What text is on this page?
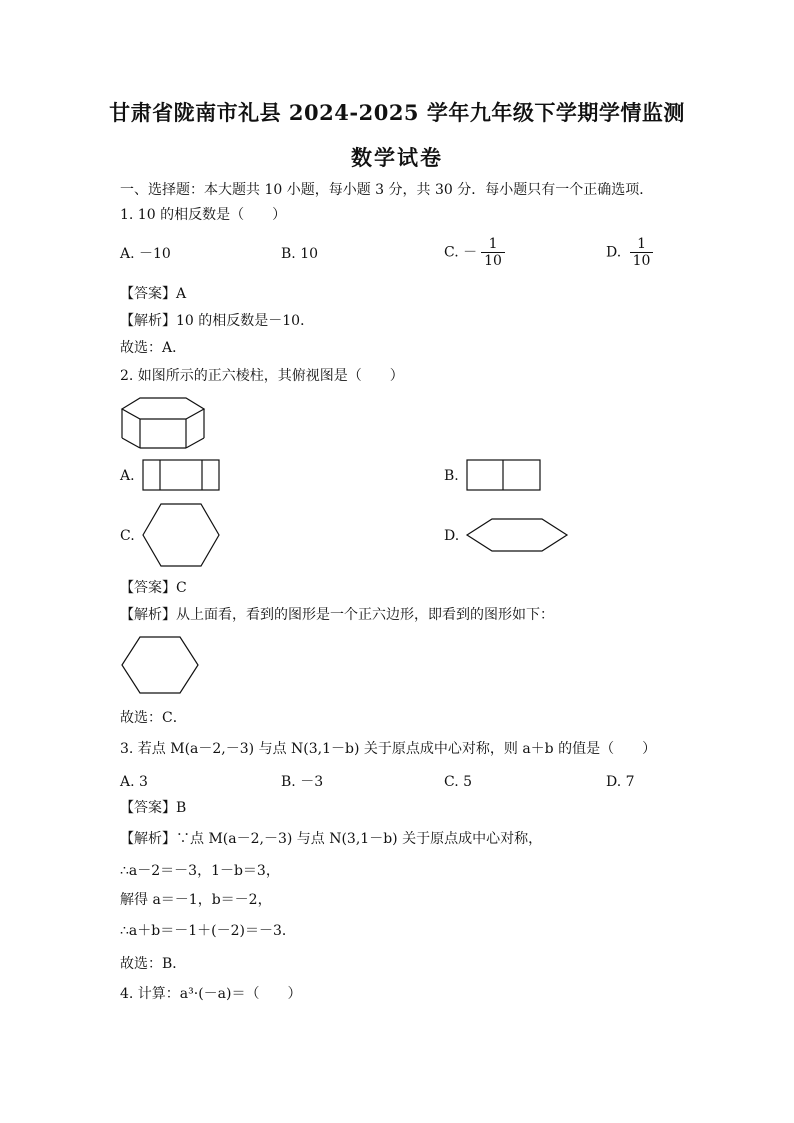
甘肃省陇南市礼县 2024-2025 学年九年级下学期学情监测
数学试卷
一、选择题：本大题共 10 小题，每小题 3 分，共 30 分．每小题只有一个正确选项．
1. 10 的相反数是（　　）
A. －10	B. 10	C. － $\frac{1}{10}$	D. $\frac{1}{10}$
【答案】A
【解析】10 的相反数是－10．
故选：A．
2. 如图所示的正六棱柱，其俯视图是（　　）
A.	B.
C.	D.
【答案】C
【解析】从上面看，看到的图形是一个正六边形，即看到的图形如下：
故选：C．
3. 若点 M(a－2,－3) 与点 N(3,1－b) 关于原点成中心对称，则 a＋b 的值是（　　）
A. 3	B. －3	C. 5	D. 7
【答案】B
【解析】∵点 M(a－2,－3) 与点 N(3,1－b) 关于原点成中心对称，
∴a－2＝－3，1－b＝3，
解得 a＝－1，b＝－2，
∴a＋b＝－1＋(－2)＝－3．
故选：B．
4. 计算：a³·(－a)＝（　　）
